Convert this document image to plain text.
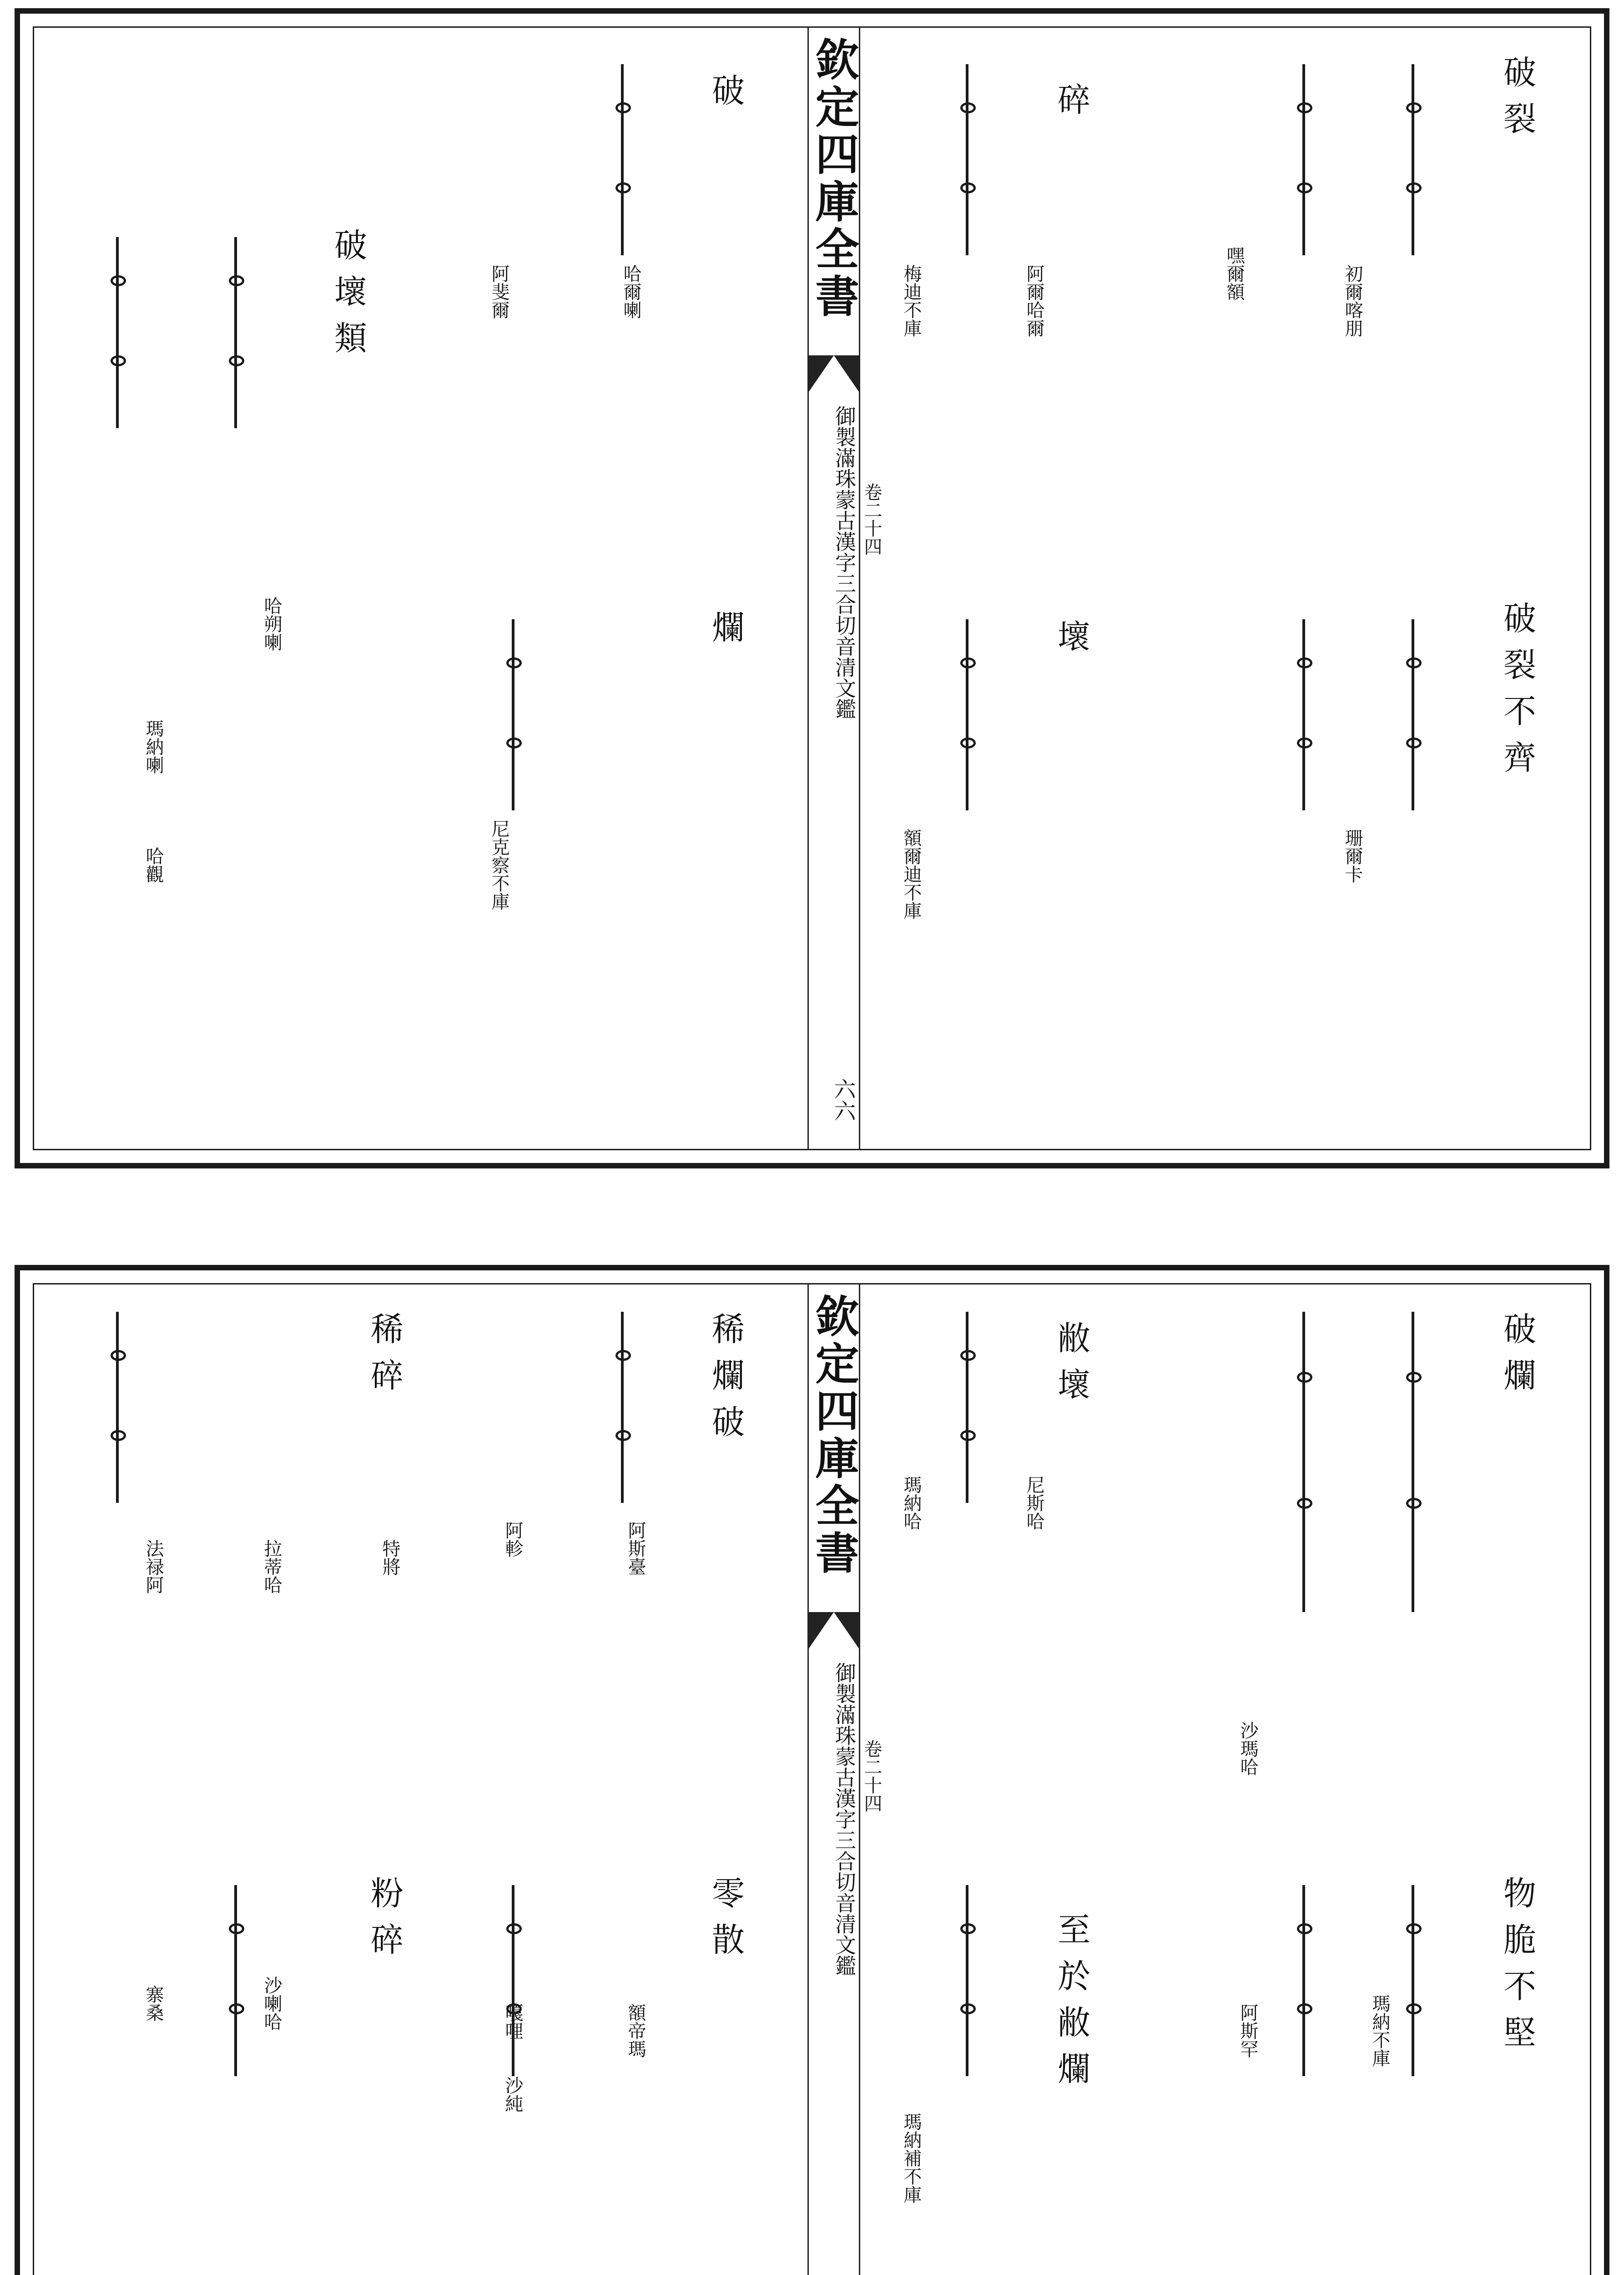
欽定四庫全書
御製滿珠蒙古漢字三合切音清文鑑 卷二十四
六六
破裂
破裂不齊
碎
壞
初爾喀朋
嘿爾額
阿爾哈爾
梅迪不庫
珊爾卡
額爾迪不庫
破
爛
破壞類	哈爾喇
阿斐爾
尼克察不庫
哈朔喇
瑪納喇
哈觀
欽定四庫全書
御製滿珠蒙古漢字三合切音清文鑑 卷二十四
破爛
物脆不堅
敝壞
至於敝爛	瑪納不庫
沙瑪哈
阿斯罕
瑪納哈
瑪納補不庫
尼斯哈
稀爛破
零散
稀碎
粉碎
額帝瑪
阿斯臺
阿軫
沙純
嘎哩
拉蒂哈
沙喇哈
寨桑
法禄阿	特將
